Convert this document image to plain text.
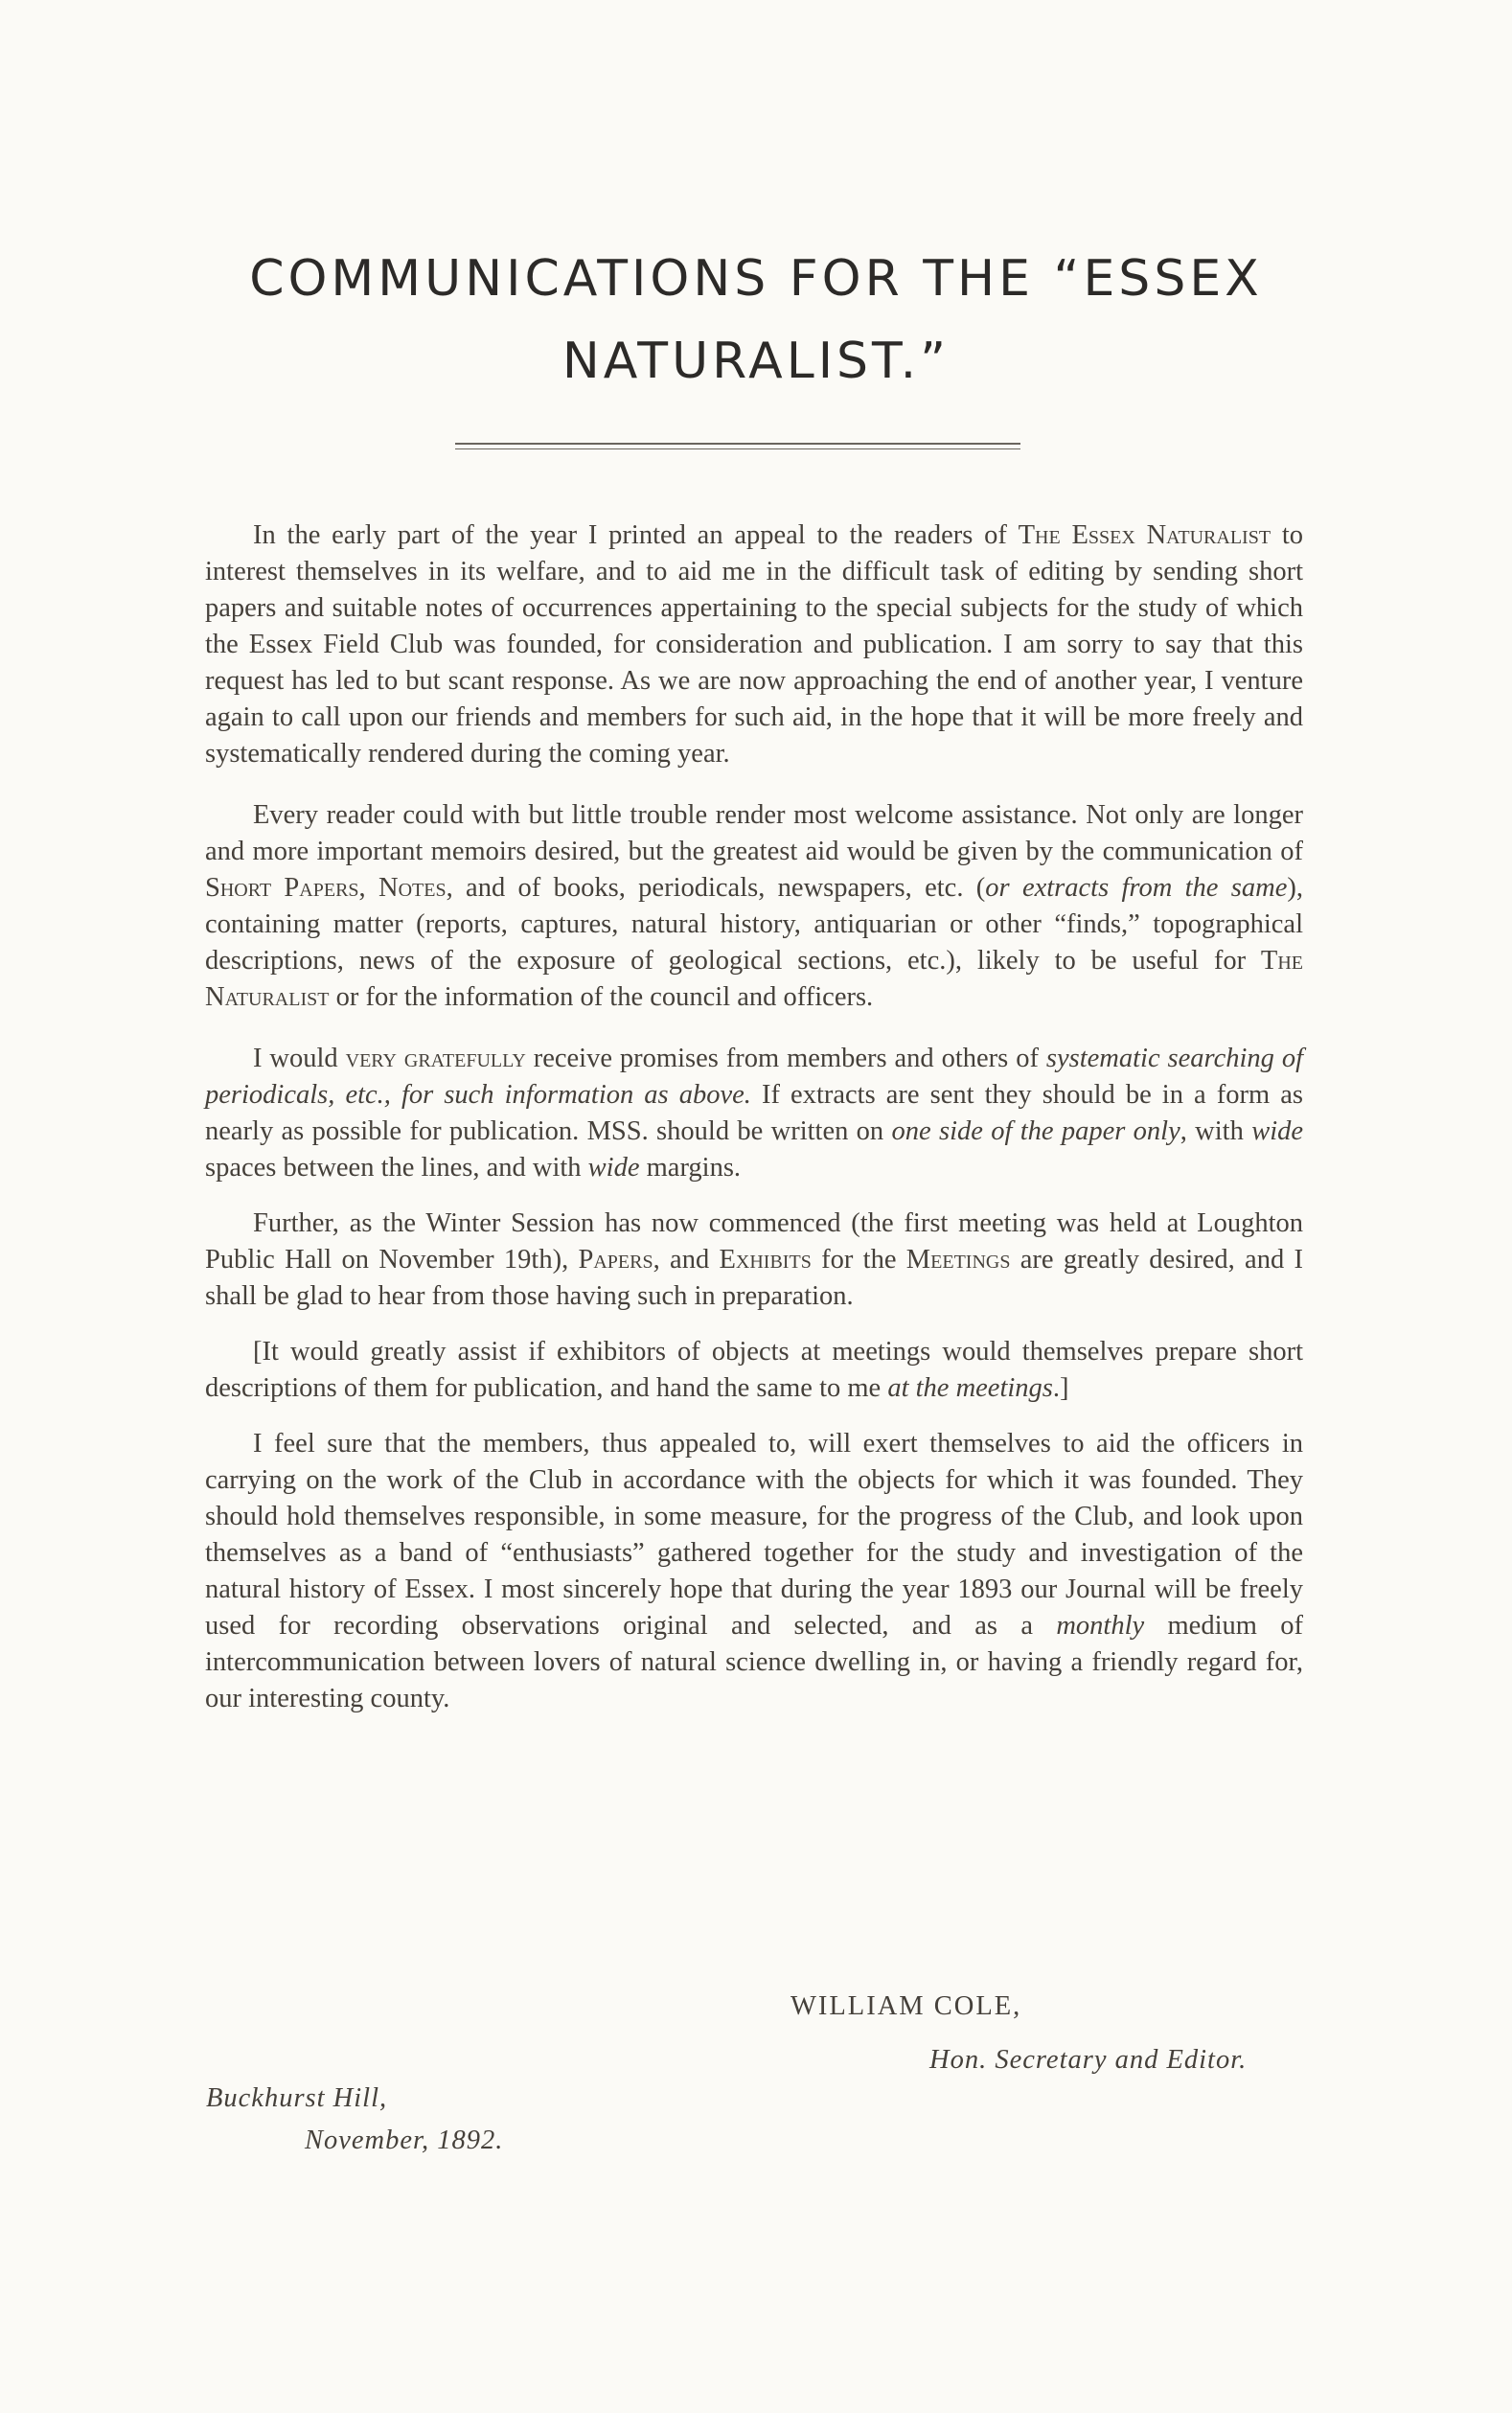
COMMUNICATIONS FOR THE “ESSEX
NATURALIST.”

In the early part of the year I printed an appeal to the readers of The Essex Naturalist to interest themselves in its welfare, and to aid me in the difficult task of editing by sending short papers and suitable notes of occurrences appertaining to the special subjects for the study of which the Essex Field Club was founded, for consideration and publication. I am sorry to say that this request has led to but scant response. As we are now approaching the end of another year, I venture again to call upon our friends and members for such aid, in the hope that it will be more freely and systematically rendered during the coming year.

Every reader could with but little trouble render most welcome assistance. Not only are longer and more important memoirs desired, but the greatest aid would be given by the communication of Short Papers, Notes, and of books, periodicals, newspapers, etc. (or extracts from the same), containing matter (reports, captures, natural history, antiquarian or other “finds,” topographical descriptions, news of the exposure of geological sections, etc.), likely to be useful for The Naturalist or for the information of the council and officers.

I would very gratefully receive promises from members and others of systematic searching of periodicals, etc., for such information as above. If extracts are sent they should be in a form as nearly as possible for publication. MSS. should be written on one side of the paper only, with wide spaces between the lines, and with wide margins.

Further, as the Winter Session has now commenced (the first meeting was held at Loughton Public Hall on November 19th), Papers, and Exhibits for the Meetings are greatly desired, and I shall be glad to hear from those having such in preparation.

[It would greatly assist if exhibitors of objects at meetings would themselves prepare short descriptions of them for publication, and hand the same to me at the meetings.]

I feel sure that the members, thus appealed to, will exert themselves to aid the officers in carrying on the work of the Club in accordance with the objects for which it was founded. They should hold themselves responsible, in some measure, for the progress of the Club, and look upon themselves as a band of “enthusiasts” gathered together for the study and investigation of the natural history of Essex. I most sincerely hope that during the year 1893 our Journal will be freely used for recording observations original and selected, and as a monthly medium of intercommunication between lovers of natural science dwelling in, or having a friendly regard for, our interesting county.

WILLIAM COLE,
Hon. Secretary and Editor.
Buckhurst Hill,
November, 1892.
